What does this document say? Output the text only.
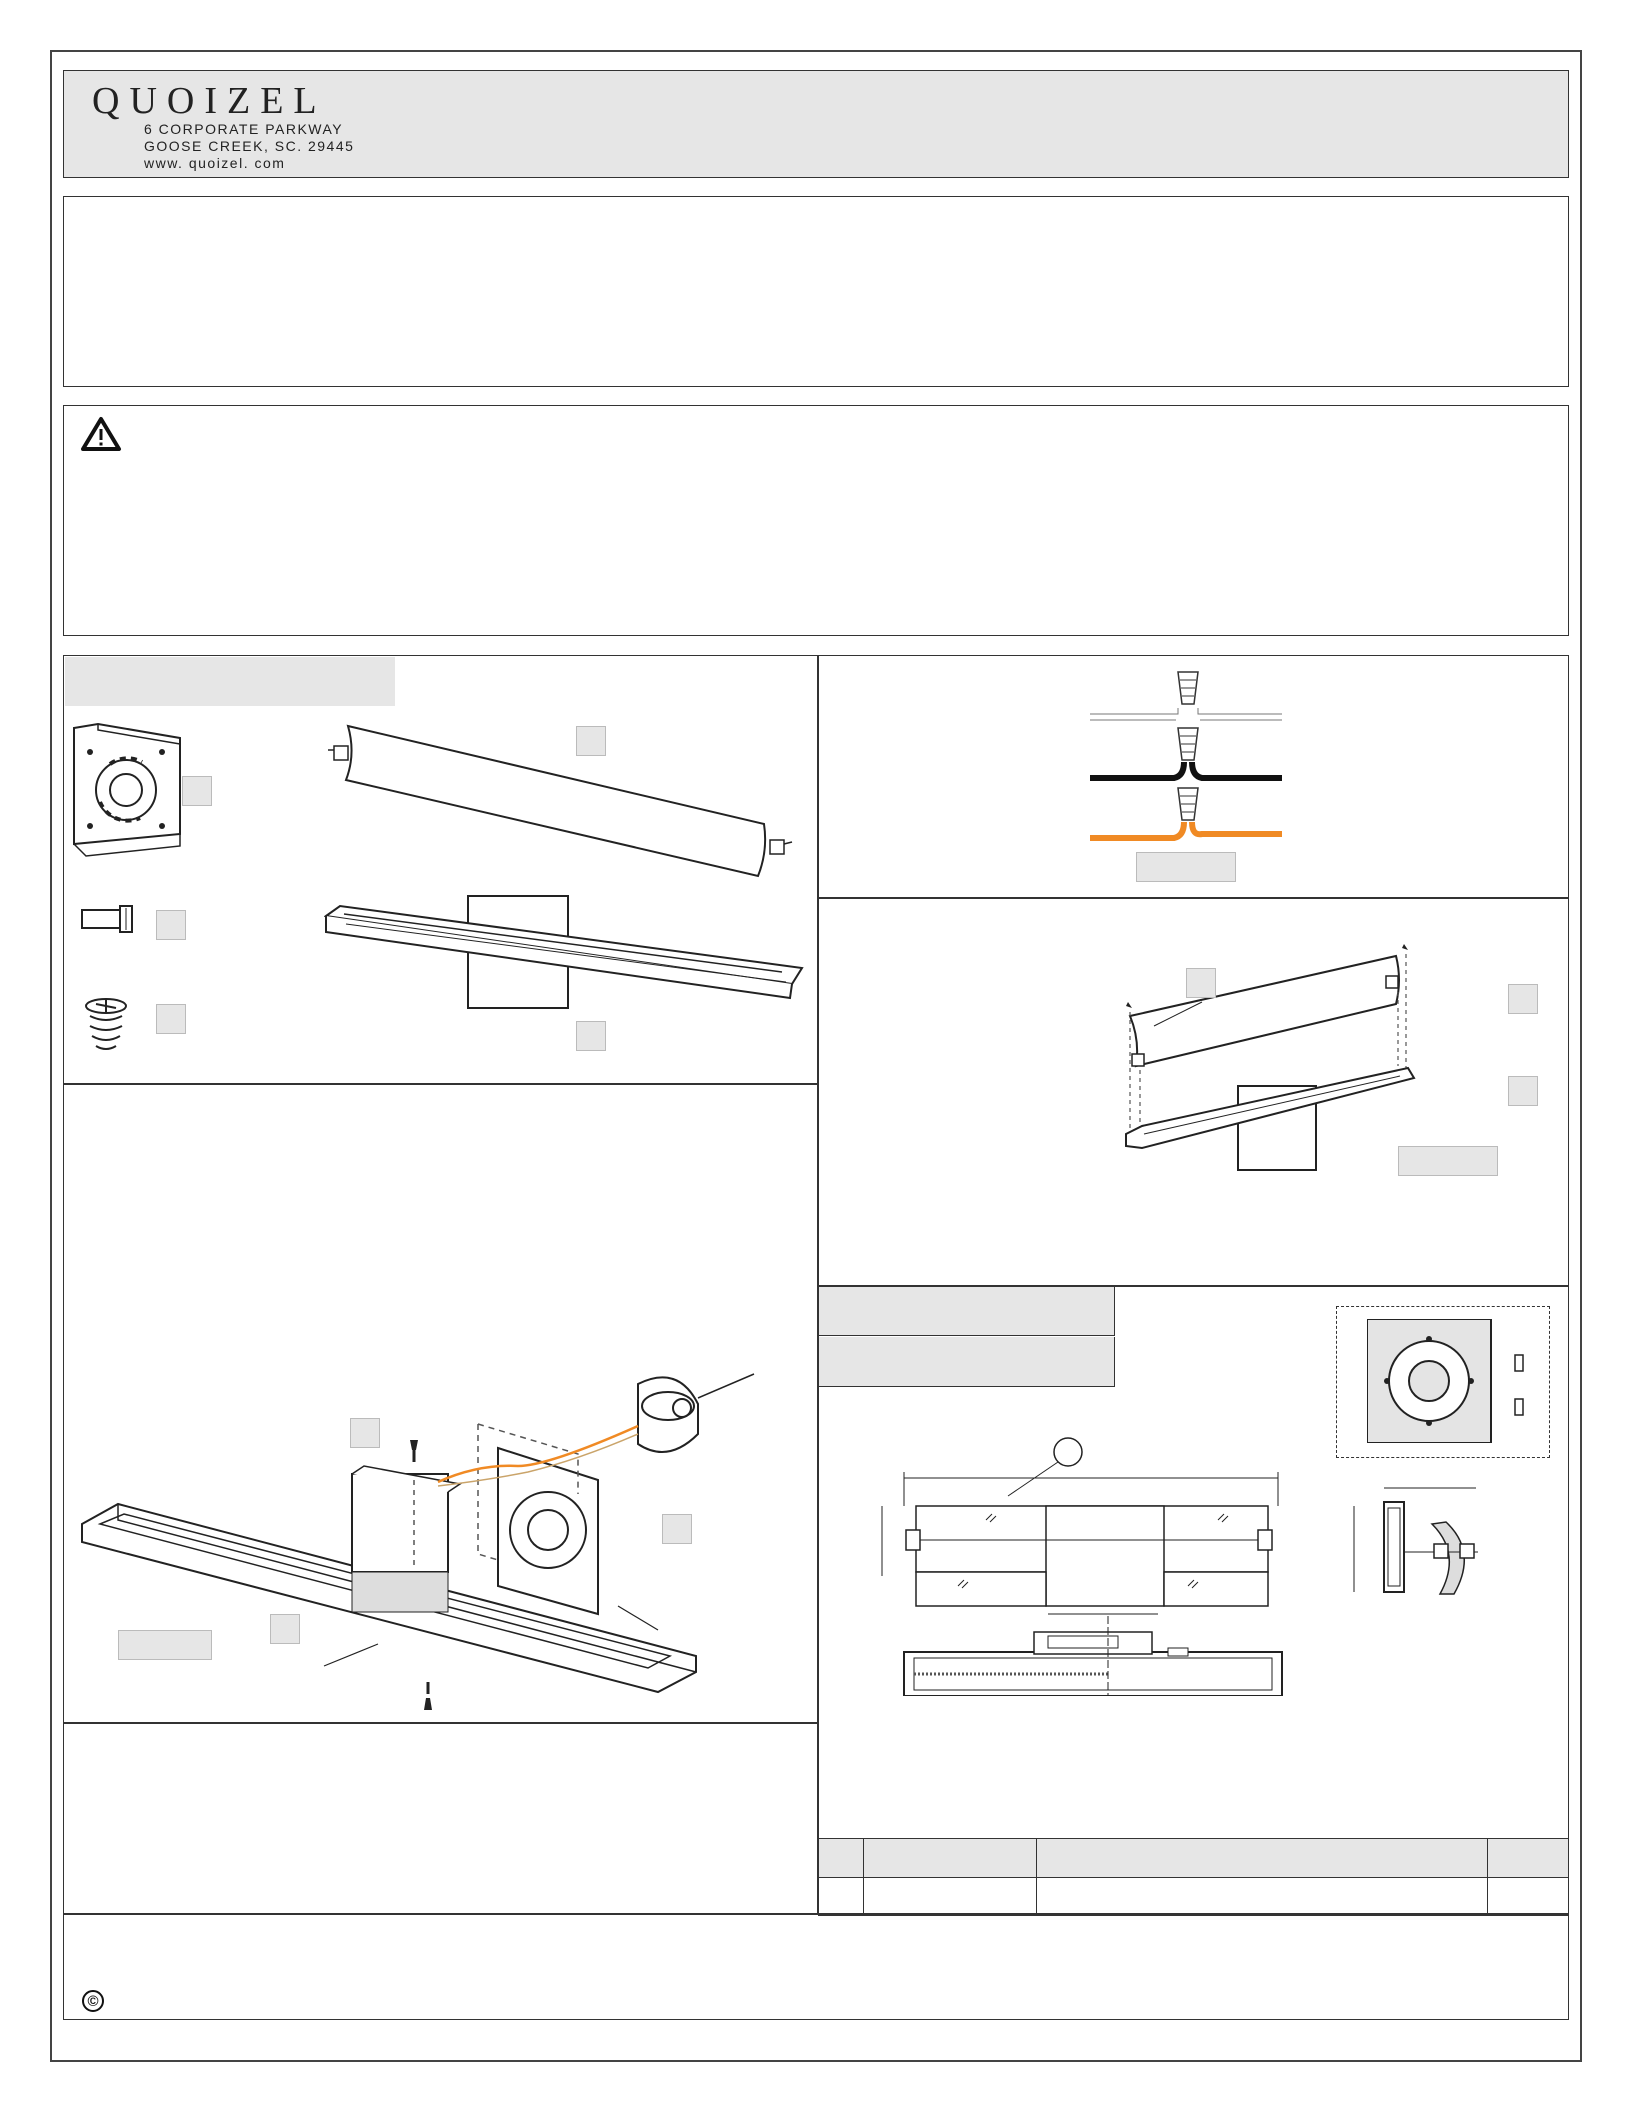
QUOIZEL
6 CORPORATE PARKWAY
GOOSE CREEK, SC. 29445
www. quoizel. com

©
